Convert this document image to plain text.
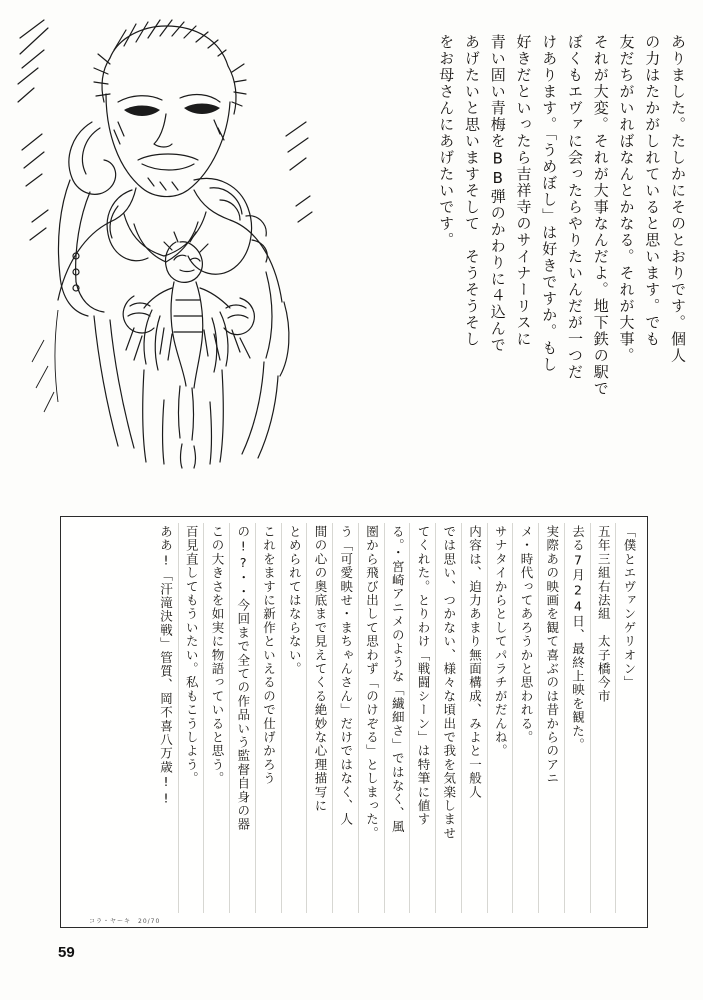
ありました。たしかにそのとおりです。個人
の力はたかがしれていると思います。でも
友だちがいればなんとかなる。それが大事。
それが大変。それが大事なんだよ。地下鉄の駅で
ぼくもエヴァに会ったらやりたいんだが一つだ
けあります。「うめぼし」は好きですか。もし
好きだといったら吉祥寺のサイナーリスに
青い固い青梅をBB弾のかわりに４込んで
あげたいと思いますそして　そうそうそし
をお母さんにあげたいです。
「僕とエヴァンゲリオン」
五年三組右法組　太子橋今市
去る7月24日、最終上映を観た。
実際あの映画を観て喜ぶのは昔からのアニ
メ・時代ってあろうかと思われる。
サナタイからとしてパラチがだんね。
内容は、迫力あまり無面構成、みよと一般人
では思い、つかない、様々な頃出で我を気楽しませ
てくれた。とりわけ「戦闘シーン」は特筆に値す
る。・宮崎アニメのような「繊細さ」ではなく、風
圏から飛び出して思わず「のけぞる」としまった。
う「可愛映せ・まちゃんさん」だけではなく、人
間の心の奥底まで見えてくる絶妙な心理描写に
とめられてはならない。
これをますに新作といえるので仕げかろう
の!?・・今回まで全ての作品いう監督自身の器
この大きさを如実に物語っていると思う。
百見直してもういたい。私もこうしよう。
ああ!「汗滝決戦」管質、岡不喜八万歳!!
コラ・ヤーキ　20/70
59
